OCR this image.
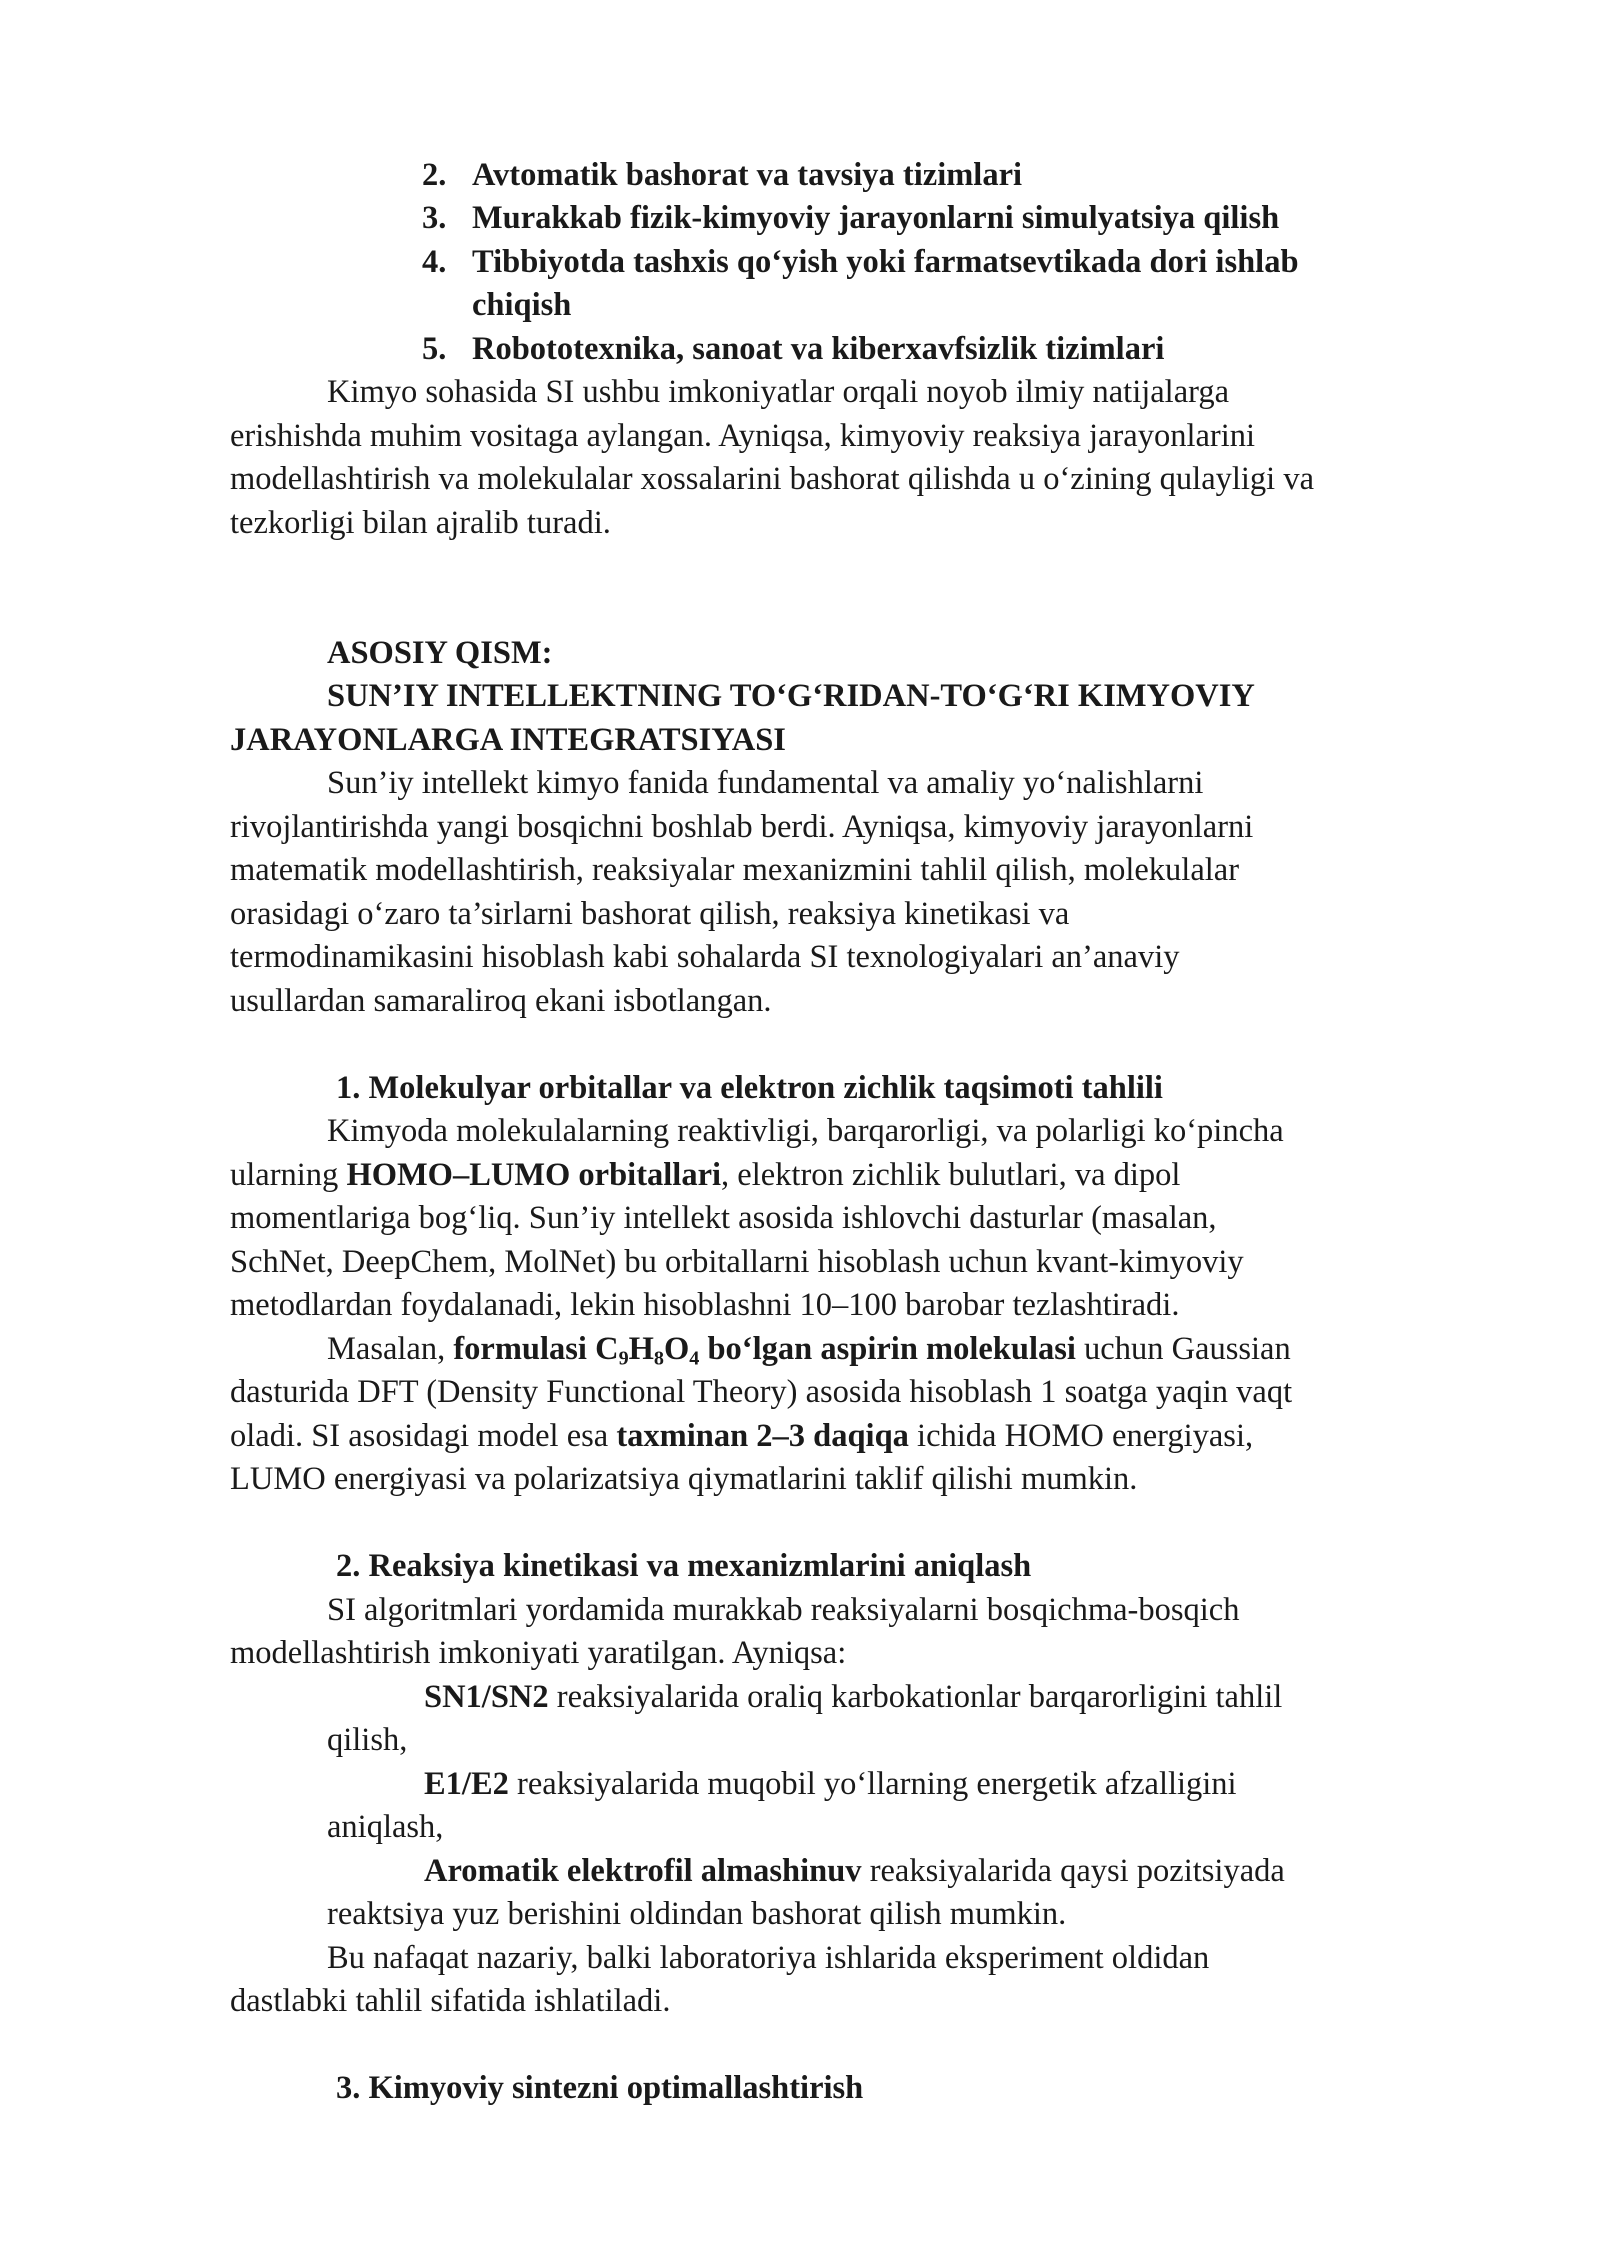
2. Avtomatik bashorat va tavsiya tizimlari
3. Murakkab fizik-kimyoviy jarayonlarni simulyatsiya qilish
4. Tibbiyotda tashxis qo‘yish yoki farmatsevtikada dori ishlab
chiqish
5. Robototexnika, sanoat va kiberxavfsizlik tizimlari
Kimyo sohasida SI ushbu imkoniyatlar orqali noyob ilmiy natijalarga
erishishda muhim vositaga aylangan. Ayniqsa, kimyoviy reaksiya jarayonlarini
modellashtirish va molekulalar xossalarini bashorat qilishda u o‘zining qulayligi va
tezkorligi bilan ajralib turadi.
ASOSIY QISM:
SUN’IY INTELLEKTNING TO‘G‘RIDAN-TO‘G‘RI KIMYOVIY
JARAYONLARGA INTEGRATSIYASI
Sun’iy intellekt kimyo fanida fundamental va amaliy yo‘nalishlarni
rivojlantirishda yangi bosqichni boshlab berdi. Ayniqsa, kimyoviy jarayonlarni
matematik modellashtirish, reaksiyalar mexanizmini tahlil qilish, molekulalar
orasidagi o‘zaro ta’sirlarni bashorat qilish, reaksiya kinetikasi va
termodinamikasini hisoblash kabi sohalarda SI texnologiyalari an’anaviy
usullardan samaraliroq ekani isbotlangan.
1. Molekulyar orbitallar va elektron zichlik taqsimoti tahlili
Kimyoda molekulalarning reaktivligi, barqarorligi, va polarligi ko‘pincha
ularning HOMO–LUMO orbitallari, elektron zichlik bulutlari, va dipol
momentlariga bog‘liq. Sun’iy intellekt asosida ishlovchi dasturlar (masalan,
SchNet, DeepChem, MolNet) bu orbitallarni hisoblash uchun kvant-kimyoviy
metodlardan foydalanadi, lekin hisoblashni 10–100 barobar tezlashtiradi.
Masalan, formulasi $C_9H_8O_4$ bo‘lgan aspirin molekulasi uchun Gaussian
dasturida DFT (Density Functional Theory) asosida hisoblash 1 soatga yaqin vaqt
oladi. SI asosidagi model esa taxminan 2–3 daqiqa ichida HOMO energiyasi,
LUMO energiyasi va polarizatsiya qiymatlarini taklif qilishi mumkin.
2. Reaksiya kinetikasi va mexanizmlarini aniqlash
SI algoritmlari yordamida murakkab reaksiyalarni bosqichma-bosqich
modellashtirish imkoniyati yaratilgan. Ayniqsa:
SN1/SN2 reaksiyalarida oraliq karbokationlar barqarorligini tahlil
qilish,
E1/E2 reaksiyalarida muqobil yo‘llarning energetik afzalligini
aniqlash,
Aromatik elektrofil almashinuv reaksiyalarida qaysi pozitsiyada
reaktsiya yuz berishini oldindan bashorat qilish mumkin.
Bu nafaqat nazariy, balki laboratoriya ishlarida eksperiment oldidan
dastlabki tahlil sifatida ishlatiladi.
3. Kimyoviy sintezni optimallashtirish
